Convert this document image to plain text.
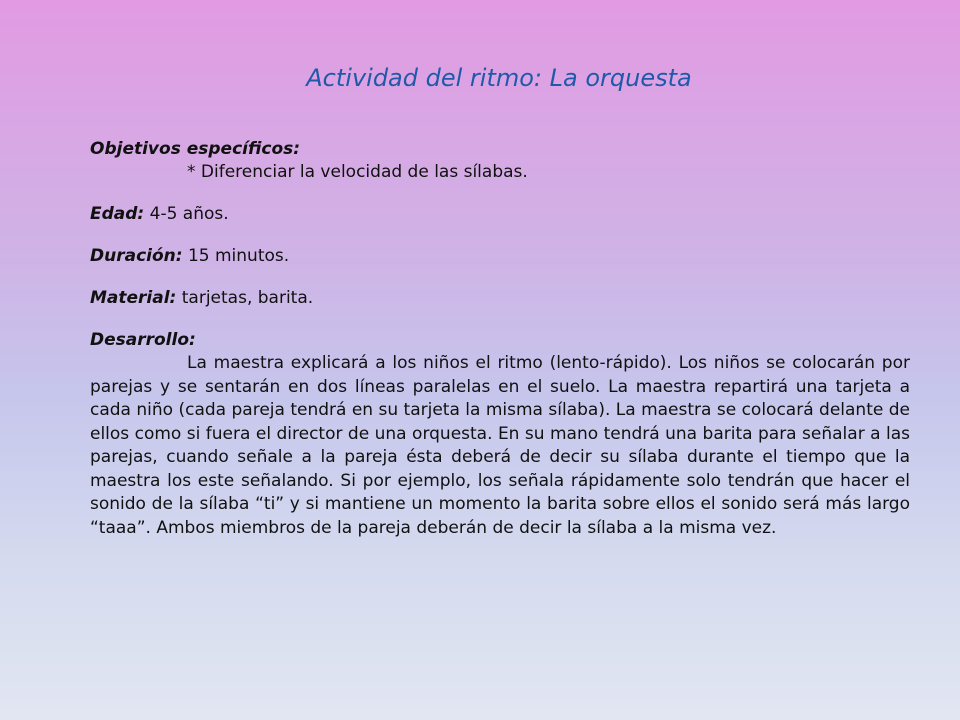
Actividad del ritmo: La orquesta
Objetivos específicos:
* Diferenciar la velocidad de las sílabas.
Edad: 4-5 años.
Duración: 15 minutos.
Material: tarjetas, barita.
Desarrollo:

La maestra explicará a los niños el ritmo (lento-rápido). Los niños se colocarán por parejas y se sentarán en dos líneas paralelas en el suelo. La maestra repartirá una tarjeta a cada niño (cada pareja tendrá en su tarjeta la misma sílaba). La maestra se colocará delante de ellos como si fuera el director de una orquesta. En su mano tendrá una barita para señalar a las parejas, cuando señale a la pareja ésta deberá de decir su sílaba durante el tiempo que la maestra los este señalando. Si por ejemplo, los señala rápidamente solo tendrán que hacer el sonido de la sílaba “ti” y si mantiene un momento la barita sobre ellos el sonido será más largo “taaa”. Ambos miembros de la pareja deberán de decir la sílaba a la misma vez.
